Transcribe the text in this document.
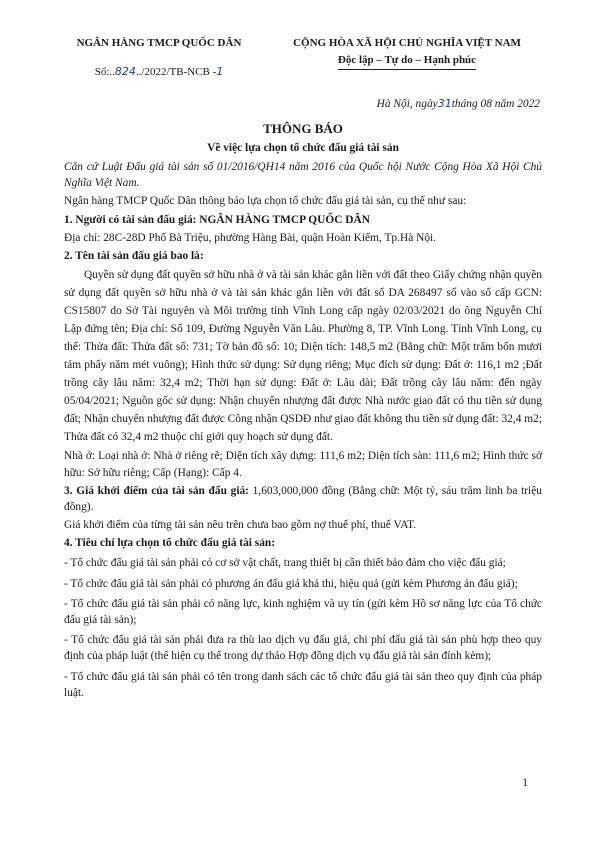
NGÂN HÀNG TMCP QUỐC DÂN
Số:..824../2022/TB-NCB -1
CỘNG HÒA XÃ HỘI CHỦ NGHĨA VIỆT NAM
Độc lập – Tự do – Hạnh phúc
Hà Nội, ngày31tháng 08 năm 2022
THÔNG BÁO
Về việc lựa chọn tổ chức đấu giá tài sản

Căn cứ Luật Đấu giá tài sản số 01/2016/QH14 năm 2016 của Quốc hội Nước Cộng Hòa Xã Hội Chủ Nghĩa Việt Nam.

Ngân hàng TMCP Quốc Dân thông báo lựa chọn tổ chức đấu giá tài sản, cụ thể như sau:

1. Người có tài sản đấu giá: NGÂN HÀNG TMCP QUỐC DÂN

Địa chỉ: 28C-28D Phố Bà Triệu, phường Hàng Bài, quận Hoàn Kiếm, Tp.Hà Nội.

2. Tên tài sản đấu giá bao là:

Quyền sử dụng đất quyền sở hữu nhà ở và tài sản khác gắn liền với đất theo Giấy chứng nhận quyền sử dụng đất quyền sở hữu nhà ở và tài sản khác gắn liền với đất số DA 268497 số vào sổ cấp GCN: CS15807 do Sở Tài nguyên và Môi trường tỉnh Vĩnh Long cấp ngày 02/03/2021 do ông Nguyễn Chí Lập đứng tên; Địa chỉ: Số 109, Đường Nguyễn Văn Lâu. Phường 8, TP. Vĩnh Long. Tỉnh Vĩnh Long, cụ thể: Thửa đất: Thửa đất số: 731; Tờ bản đồ số: 10; Diện tích: 148,5 m2 (Bằng chữ: Một trăm bốn mươi tám phẩy năm mét vuông); Hình thức sử dụng: Sử dụng riêng; Mục đích sử dụng: Đất ở: 116,1 m2 ;Đất trồng cây lâu năm: 32,4 m2; Thời hạn sử dụng: Đất ở: Lâu dài; Đất trồng cây lâu năm: đến ngày 05/04/2021; Nguồn gốc sử dụng: Nhận chuyển nhượng đất được Nhà nước giao đất có thu tiền sử dụng đất; Nhận chuyển nhượng đất được Công nhận QSDĐ như giao đất không thu tiền sử dụng đất: 32,4 m2; Thửa đất có 32,4 m2 thuộc chỉ giới quy hoạch sử dụng đất.

Nhà ở: Loại nhà ở: Nhà ở riêng rẽ; Diện tích xây dựng: 111,6 m2; Diện tích sàn: 111,6 m2; Hình thức sở hữu: Sở hữu riêng; Cấp (Hạng): Cấp 4.

3. Giá khởi điểm của tài sản đấu giá: 1,603,000,000 đồng (Bằng chữ: Một tỷ, sáu trăm linh ba triệu đồng).

Giá khởi điểm của từng tài sản nêu trên chưa bao gồm nợ thuế phí, thuế VAT.

4. Tiêu chí lựa chọn tổ chức đấu giá tài sản:

- Tổ chức đấu giá tài sản phải có cơ sở vật chất, trang thiết bị cần thiết bảo đảm cho việc đấu giá;

- Tổ chức đấu giá tài sản phải có phương án đấu giá khả thi, hiệu quả (gửi kèm Phương án đấu giá);

- Tổ chức đấu giá tài sản phải có năng lực, kinh nghiệm và uy tín (gửi kèm Hồ sơ năng lực của Tổ chức đấu giá tài sản);

- Tổ chức đấu giá tài sản phải đưa ra thù lao dịch vụ đấu giá, chi phí đấu giá tài sản phù hợp theo quy định của pháp luật (thể hiện cụ thể trong dự thảo Hợp đồng dịch vụ đấu giá tài sản đính kèm);

- Tổ chức đấu giá tài sản phải có tên trong danh sách các tổ chức đấu giá tài sản theo quy định của pháp luật.

1
